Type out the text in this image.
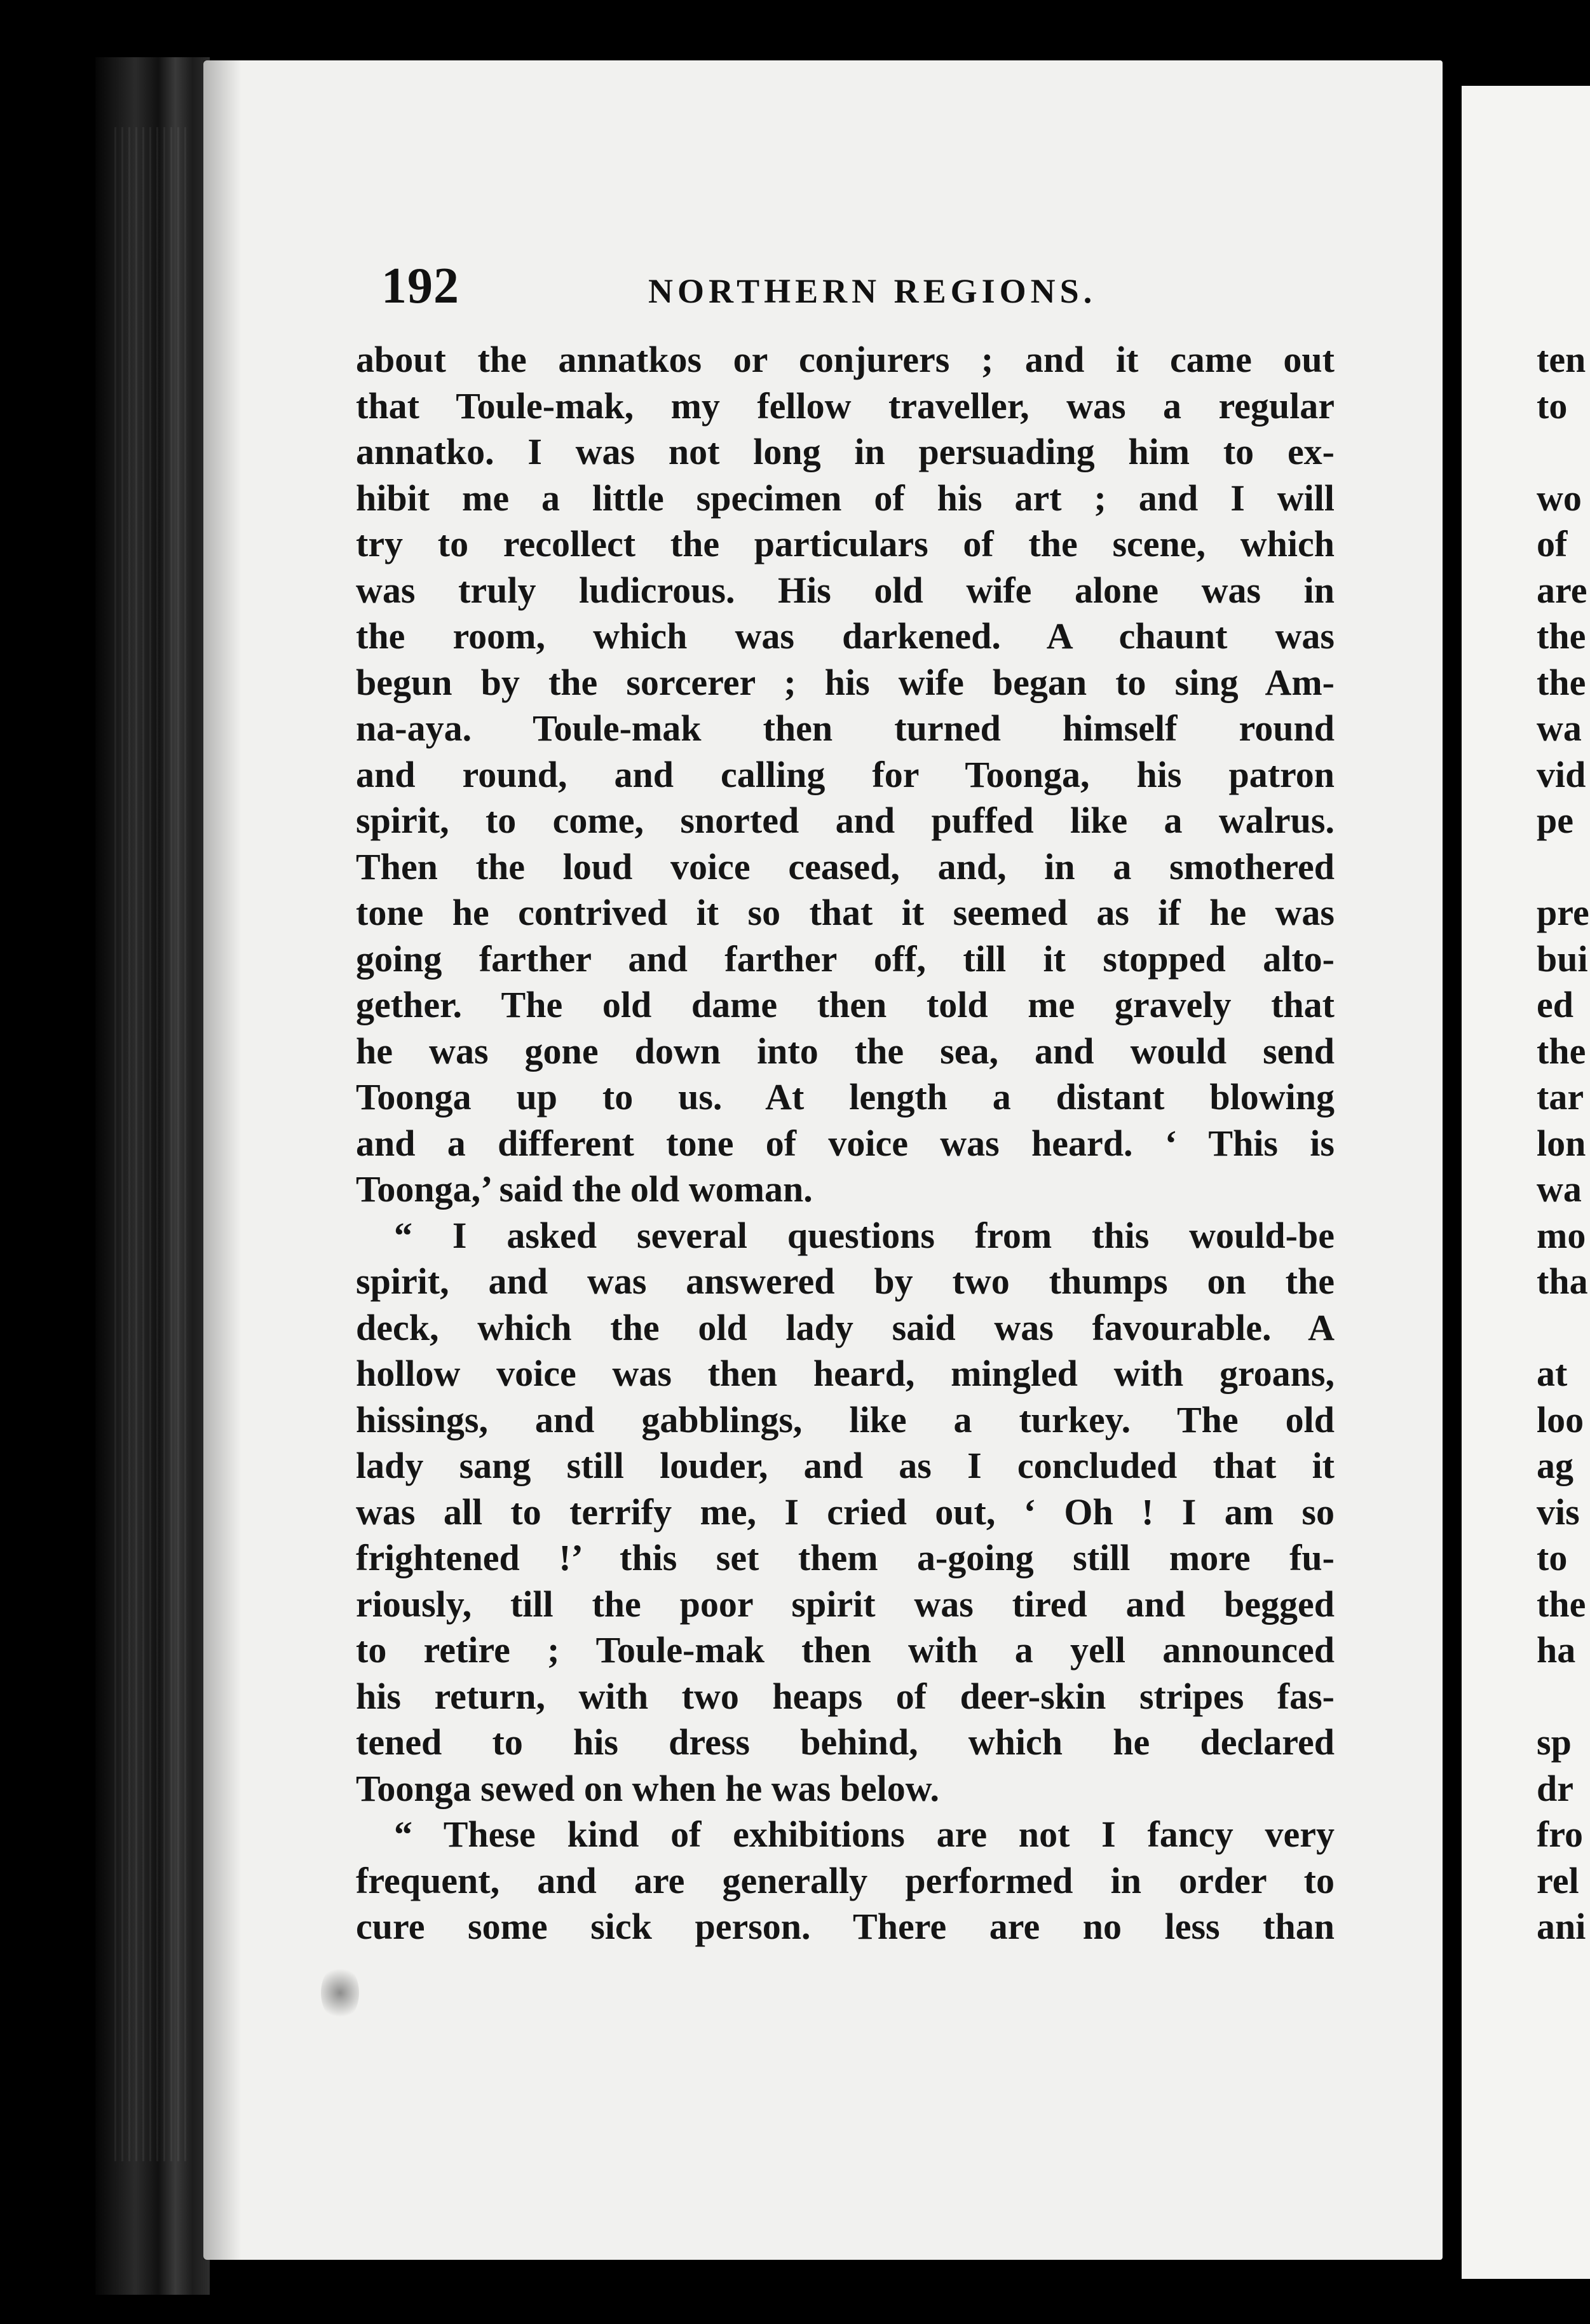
192	NORTHERN REGIONS.
about the annatkos or conjurers ; and it came out
that Toule-mak, my fellow traveller, was a regular
annatko. I was not long in persuading him to ex-
hibit me a little specimen of his art ; and I will
try to recollect the particulars of the scene, which
was truly ludicrous. His old wife alone was in
the room, which was darkened. A chaunt was
begun by the sorcerer ; his wife began to sing Am-
na-aya. Toule-mak then turned himself round
and round, and calling for Toonga, his patron
spirit, to come, snorted and puffed like a walrus.
Then the loud voice ceased, and, in a smothered
tone he contrived it so that it seemed as if he was
going farther and farther off, till it stopped alto-
gether. The old dame then told me gravely that
he was gone down into the sea, and would send
Toonga up to us. At length a distant blowing
and a different tone of voice was heard. ‘ This is
Toonga,’ said the old woman.
“ I asked several questions from this would-be
spirit, and was answered by two thumps on the
deck, which the old lady said was favourable. A
hollow voice was then heard, mingled with groans,
hissings, and gabblings, like a turkey. The old
lady sang still louder, and as I concluded that it
was all to terrify me, I cried out, ‘ Oh ! I am so
frightened !’ this set them a-going still more fu-
riously, till the poor spirit was tired and begged
to retire ; Toule-mak then with a yell announced
his return, with two heaps of deer-skin stripes fas-
tened to his dress behind, which he declared
Toonga sewed on when he was below.
“ These kind of exhibitions are not I fancy very
frequent, and are generally performed in order to
cure some sick person. There are no less than
ten
to
wo
of
are
the
the
wa
vid
pe
pre
bui
ed
the
tar
lon
wa
mo
tha
at
loo
ag
vis
to
the
ha
sp
dr
fro
rel
ani
